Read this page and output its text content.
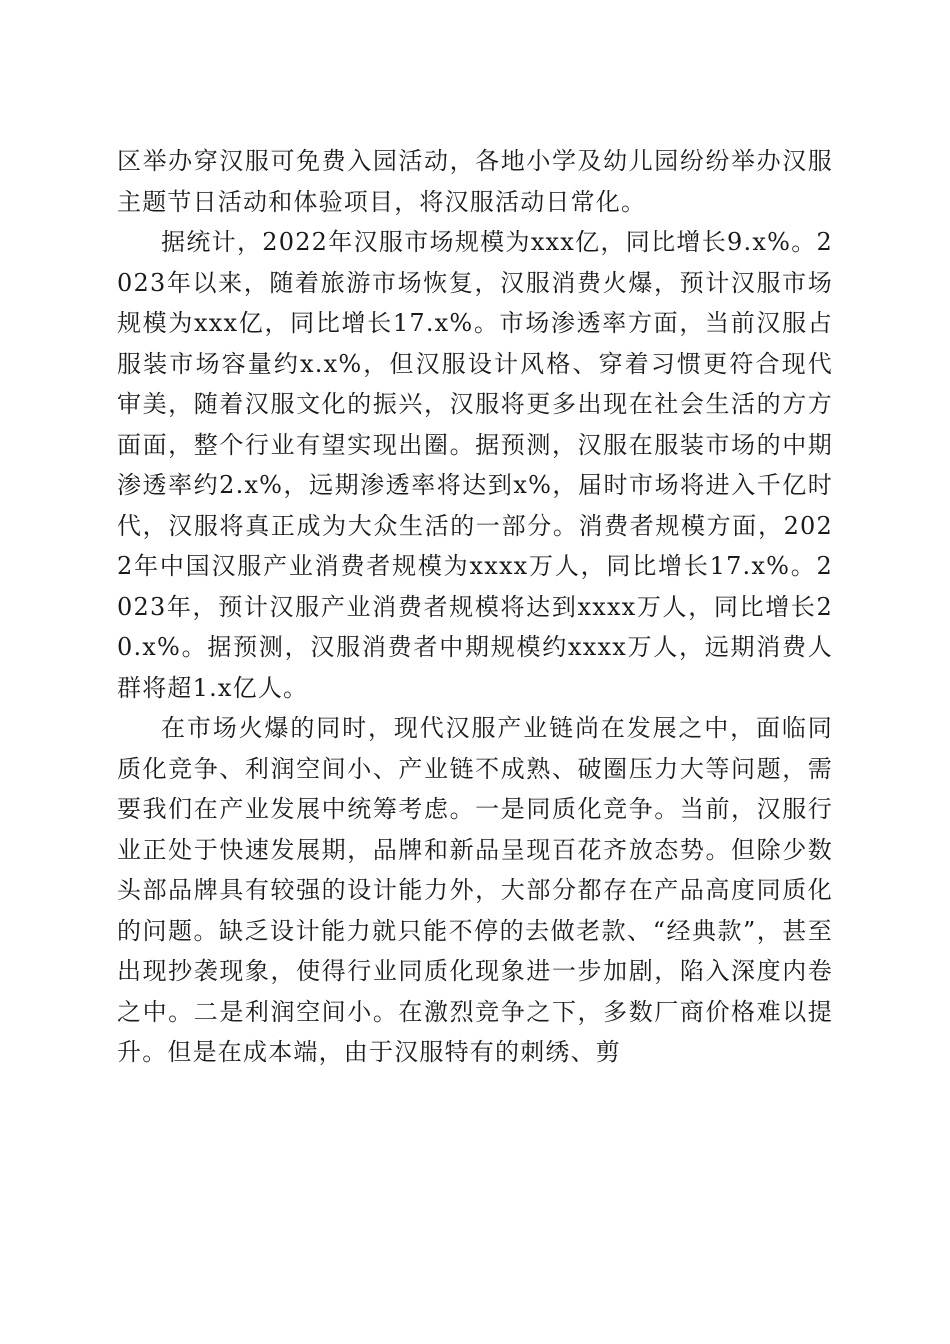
区举办穿汉服可免费入园活动，各地小学及幼儿园纷纷举办汉服主题节日活动和体验项目，将汉服活动日常化。

据统计，2022年汉服市场规模为xxx亿，同比增长9.x%。2023年以来，随着旅游市场恢复，汉服消费火爆，预计汉服市场规模为xxx亿，同比增长17.x%。市场渗透率方面，当前汉服占服装市场容量约x.x%，但汉服设计风格、穿着习惯更符合现代审美，随着汉服文化的振兴，汉服将更多出现在社会生活的方方面面，整个行业有望实现出圈。据预测，汉服在服装市场的中期渗透率约2.x%，远期渗透率将达到x%，届时市场将进入千亿时代，汉服将真正成为大众生活的一部分。消费者规模方面，2022年中国汉服产业消费者规模为xxxx万人，同比增长17.x%。2023年，预计汉服产业消费者规模将达到xxxx万人，同比增长20.x%。据预测，汉服消费者中期规模约xxxx万人，远期消费人群将超1.x亿人。

在市场火爆的同时，现代汉服产业链尚在发展之中，面临同质化竞争、利润空间小、产业链不成熟、破圈压力大等问题，需要我们在产业发展中统筹考虑。一是同质化竞争。当前，汉服行业正处于快速发展期，品牌和新品呈现百花齐放态势。但除少数头部品牌具有较强的设计能力外，大部分都存在产品高度同质化的问题。缺乏设计能力就只能不停的去做老款、“经典款”，甚至出现抄袭现象，使得行业同质化现象进一步加剧，陷入深度内卷之中。二是利润空间小。在激烈竞争之下，多数厂商价格难以提升。但是在成本端，由于汉服特有的刺绣、剪
